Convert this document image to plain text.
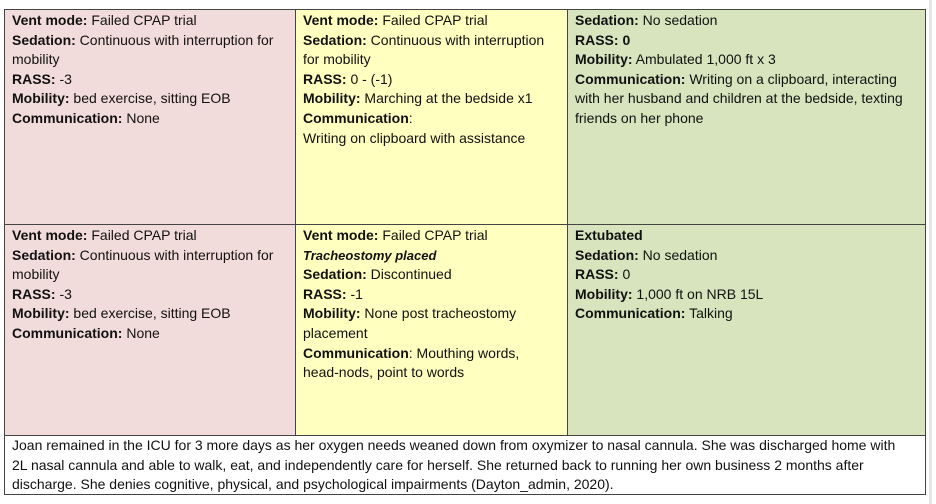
Vent mode: Failed CPAP trial
Sedation: Continuous with interruption for
mobility
RASS: -3
Mobility: bed exercise, sitting EOB
Communication: None
Vent mode: Failed CPAP trial
Sedation: Continuous with interruption
for mobility
RASS: 0 - (-1)
Mobility: Marching at the bedside x1
Communication:
Writing on clipboard with assistance
Sedation: No sedation
RASS: 0
Mobility: Ambulated 1,000 ft x 3
Communication: Writing on a clipboard, interacting
with her husband and children at the bedside, texting
friends on her phone
Vent mode: Failed CPAP trial
Sedation: Continuous with interruption for
mobility
RASS: -3
Mobility: bed exercise, sitting EOB
Communication: None
Vent mode: Failed CPAP trial
Tracheostomy placed
Sedation: Discontinued
RASS: -1
Mobility: None post tracheostomy
placement
Communication: Mouthing words,
head-nods, point to words
Extubated
Sedation: No sedation
RASS: 0
Mobility: 1,000 ft on NRB 15L
Communication: Talking
Joan remained in the ICU for 3 more days as her oxygen needs weaned down from oxymizer to nasal cannula. She was discharged home with
2L nasal cannula and able to walk, eat, and independently care for herself. She returned back to running her own business 2 months after
discharge. She denies cognitive, physical, and psychological impairments (Dayton_admin, 2020).
